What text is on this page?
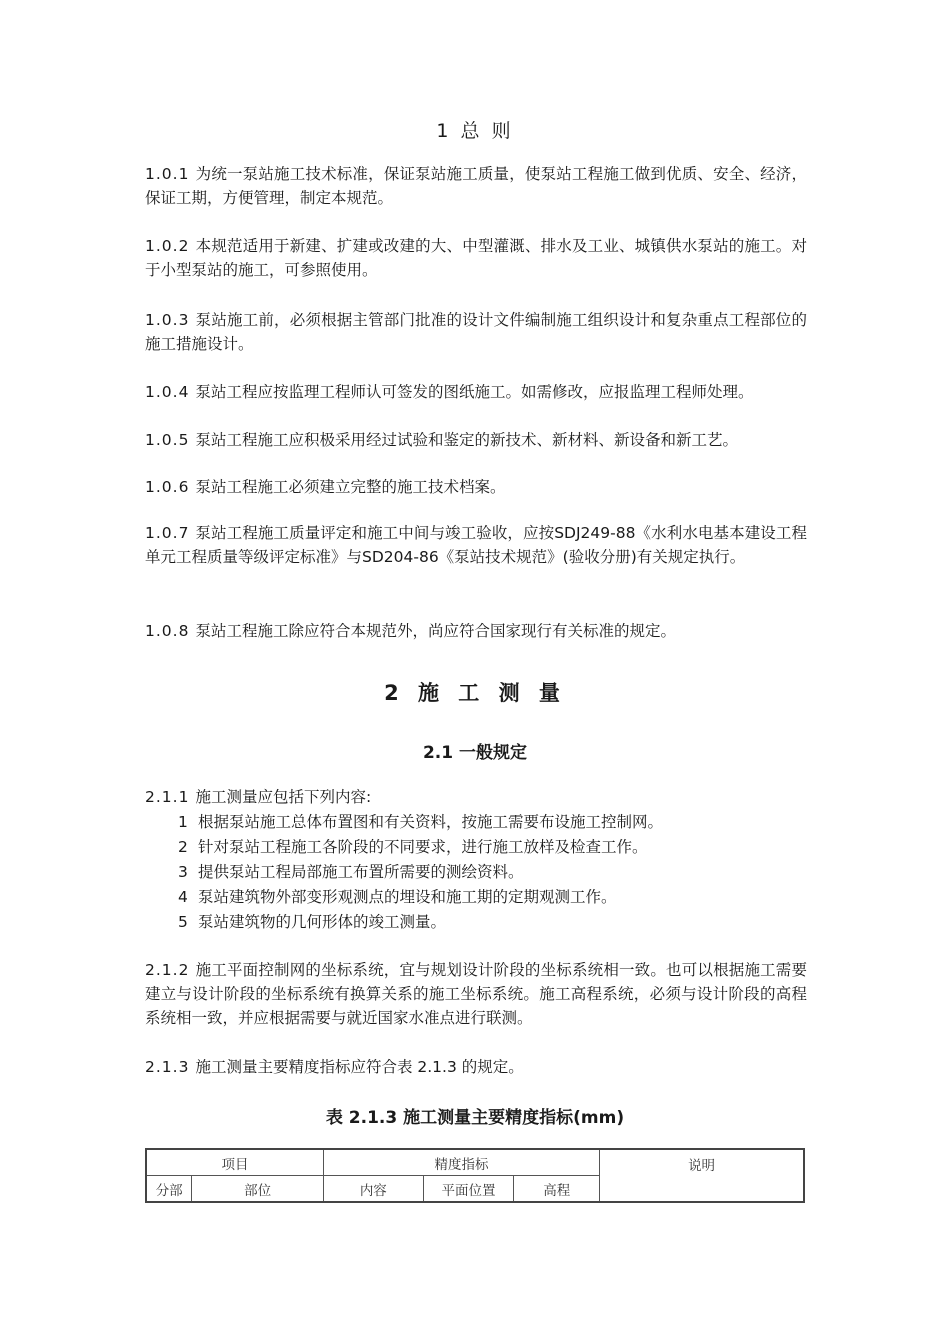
1 总 则
1.0.1 为统一泵站施工技术标准，保证泵站施工质量，使泵站工程施工做到优质、安全、经济，保证工期，方便管理，制定本规范。
1.0.2 本规范适用于新建、扩建或改建的大、中型灌溉、排水及工业、城镇供水泵站的施工。对于小型泵站的施工，可参照使用。
1.0.3 泵站施工前，必须根据主管部门批准的设计文件编制施工组织设计和复杂重点工程部位的施工措施设计。
1.0.4 泵站工程应按监理工程师认可签发的图纸施工。如需修改，应报监理工程师处理。
1.0.5 泵站工程施工应积极采用经过试验和鉴定的新技术、新材料、新设备和新工艺。
1.0.6 泵站工程施工必须建立完整的施工技术档案。
1.0.7 泵站工程施工质量评定和施工中间与竣工验收，应按SDJ249-88《水利水电基本建设工程单元工程质量等级评定标准》与SD204-86《泵站技术规范》(验收分册)有关规定执行。
1.0.8 泵站工程施工除应符合本规范外，尚应符合国家现行有关标准的规定。
2 施 工 测 量
2.1 一般规定
2.1.1 施工测量应包括下列内容:
1 根据泵站施工总体布置图和有关资料，按施工需要布设施工控制网。
2 针对泵站工程施工各阶段的不同要求，进行施工放样及检查工作。
3 提供泵站工程局部施工布置所需要的测绘资料。
4 泵站建筑物外部变形观测点的埋设和施工期的定期观测工作。
5 泵站建筑物的几何形体的竣工测量。
2.1.2 施工平面控制网的坐标系统，宜与规划设计阶段的坐标系统相一致。也可以根据施工需要建立与设计阶段的坐标系统有换算关系的施工坐标系统。施工高程系统，必须与设计阶段的高程系统相一致，并应根据需要与就近国家水准点进行联测。
2.1.3 施工测量主要精度指标应符合表 2.1.3 的规定。
表 2.1.3 施工测量主要精度指标(mm)
项目		精度指标			说明
分部	部位	内容	平面位置	高程	
